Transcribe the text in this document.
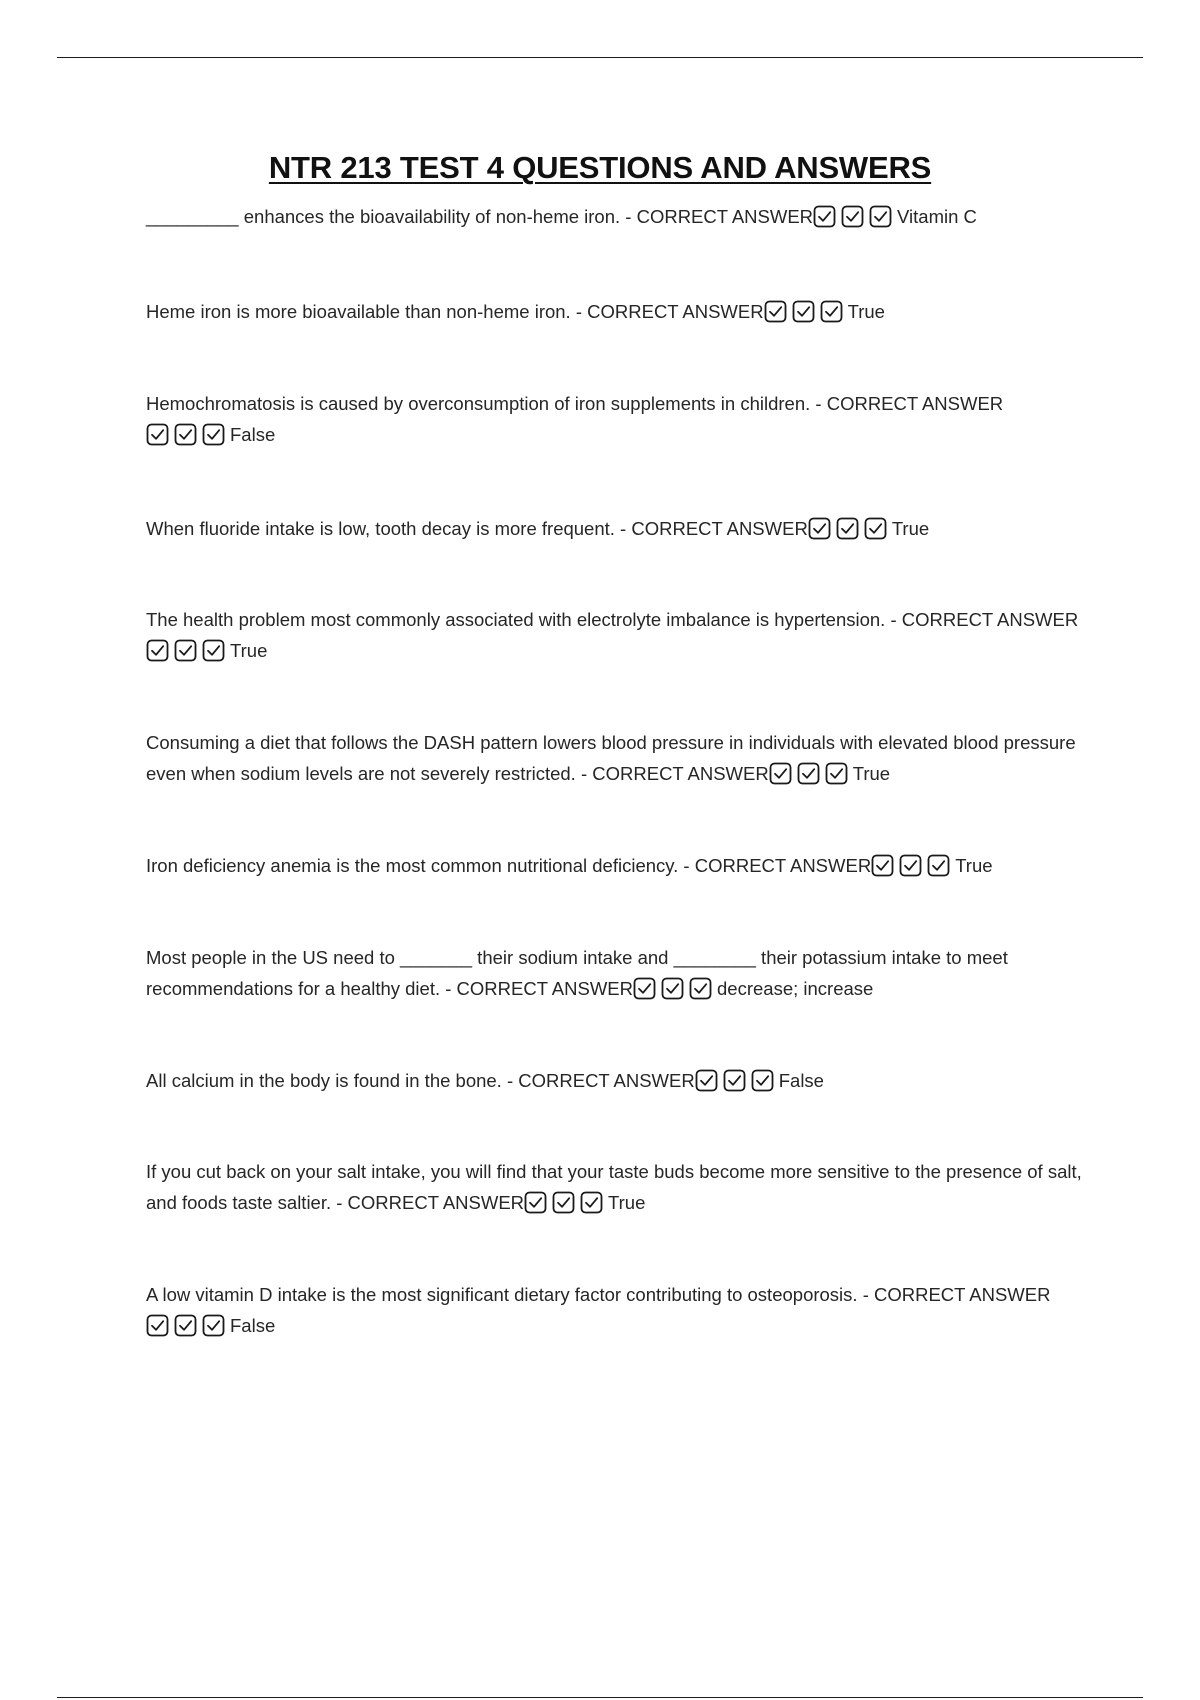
NTR 213 TEST 4 QUESTIONS AND ANSWERS
_________ enhances the bioavailability of non-heme iron. - CORRECT ANSWER	Vitamin C
Heme iron is more bioavailable than non-heme iron. - CORRECT ANSWER	True
Hemochromatosis is caused by overconsumption of iron supplements in children. - CORRECT ANSWER
False
When fluoride intake is low, tooth decay is more frequent. - CORRECT ANSWER	True
The health problem most commonly associated with electrolyte imbalance is hypertension. - CORRECT ANSWER
True
Consuming a diet that follows the DASH pattern lowers blood pressure in individuals with elevated blood pressure even when sodium levels are not severely restricted. - CORRECT ANSWER	True
Iron deficiency anemia is the most common nutritional deficiency. - CORRECT ANSWER	True
Most people in the US need to _______ their sodium intake and ________ their potassium intake to meet recommendations for a healthy diet. - CORRECT ANSWER	decrease; increase
All calcium in the body is found in the bone. - CORRECT ANSWER	False
If you cut back on your salt intake, you will find that your taste buds become more sensitive to the presence of salt, and foods taste saltier. - CORRECT ANSWER	True
A low vitamin D intake is the most significant dietary factor contributing to osteoporosis. - CORRECT ANSWER
False
